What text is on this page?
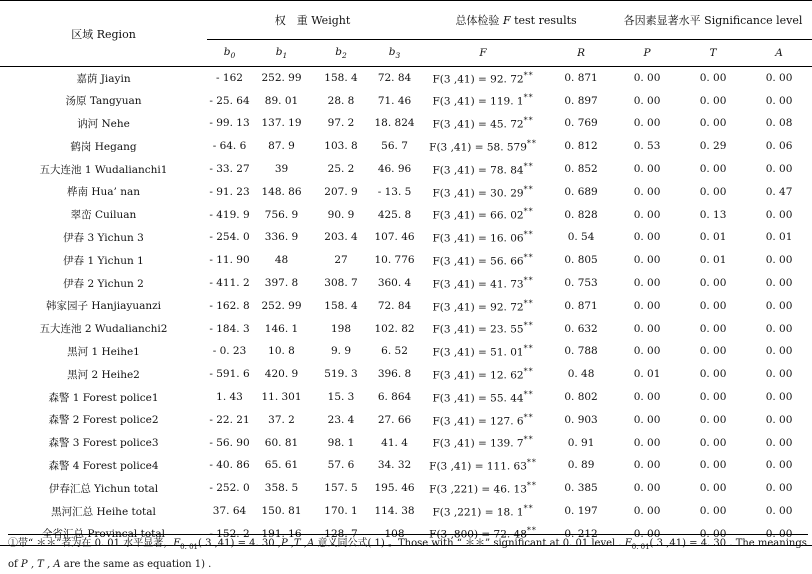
区域 Region	权　重 Weight				总体检验 F test results		各因素显著水平 Significance level		
	$b_0$	$b_1$	$b_2$	$b_3$	F	R	P	T	A
嘉荫 Jiayin	- 162	252. 99	158. 4	72. 84	F(3 ,41) = 92. 72**	0. 871	0. 00	0. 00	0. 00
汤原 Tangyuan	- 25. 64	89. 01	28. 8	71. 46	F(3 ,41) = 119. 1**	0. 897	0. 00	0. 00	0. 00
讷河 Nehe	- 99. 13	137. 19	97. 2	18. 824	F(3 ,41) = 45. 72**	0. 769	0. 00	0. 00	0. 08
鹤岗 Hegang	- 64. 6	87. 9	103. 8	56. 7	F(3 ,41) = 58. 579**	0. 812	0. 53	0. 29	0. 06
五大连池 1 Wudalianchi1	- 33. 27	39	25. 2	46. 96	F(3 ,41) = 78. 84**	0. 852	0. 00	0. 00	0. 00
桦南 Hua’ nan	- 91. 23	148. 86	207. 9	- 13. 5	F(3 ,41) = 30. 29**	0. 689	0. 00	0. 00	0. 47
翠峦 Cuiluan	- 419. 9	756. 9	90. 9	425. 8	F(3 ,41) = 66. 02**	0. 828	0. 00	0. 13	0. 00
伊春 3 Yichun 3	- 254. 0	336. 9	203. 4	107. 46	F(3 ,41) = 16. 06**	0. 54	0. 00	0. 01	0. 01
伊春 1 Yichun 1	- 11. 90	48	27	10. 776	F(3 ,41) = 56. 66**	0. 805	0. 00	0. 01	0. 00
伊春 2 Yichun 2	- 411. 2	397. 8	308. 7	360. 4	F(3 ,41) = 41. 73**	0. 753	0. 00	0. 00	0. 00
韩家园子 Hanjiayuanzi	- 162. 8	252. 99	158. 4	72. 84	F(3 ,41) = 92. 72**	0. 871	0. 00	0. 00	0. 00
五大连池 2 Wudalianchi2	- 184. 3	146. 1	198	102. 82	F(3 ,41) = 23. 55**	0. 632	0. 00	0. 00	0. 00
黑河 1 Heihe1	- 0. 23	10. 8	9. 9	6. 52	F(3 ,41) = 51. 01**	0. 788	0. 00	0. 00	0. 00
黑河 2 Heihe2	- 591. 6	420. 9	519. 3	396. 8	F(3 ,41) = 12. 62**	0. 48	0. 01	0. 00	0. 00
森警 1 Forest police1	1. 43	11. 301	15. 3	6. 864	F(3 ,41) = 55. 44**	0. 802	0. 00	0. 00	0. 00
森警 2 Forest police2	- 22. 21	37. 2	23. 4	27. 66	F(3 ,41) = 127. 6**	0. 903	0. 00	0. 00	0. 00
森警 3 Forest police3	- 56. 90	60. 81	98. 1	41. 4	F(3 ,41) = 139. 7**	0. 91	0. 00	0. 00	0. 00
森警 4 Forest police4	- 40. 86	65. 61	57. 6	34. 32	F(3 ,41) = 111. 63**	0. 89	0. 00	0. 00	0. 00
伊春汇总 Yichun total	- 252. 0	358. 5	157. 5	195. 46	F(3 ,221) = 46. 13**	0. 385	0. 00	0. 00	0. 00
黑河汇总 Heihe total	37. 64	150. 81	170. 1	114. 38	F(3 ,221) = 18. 1**	0. 197	0. 00	0. 00	0. 00
全省汇总 Provincal total	- 152. 2	191. 16	128. 7	108	F(3 ,800) = 72. 48**	0. 212	0. 00	0. 00	0. 00
①带“ ＊＊”者为在 0. 01 水平显著，$F_{0. 01}$( 3 ,41) = 4. 30 ,P ,T ,A 意义同公式( 1) 。Those with “ ＊＊” significant at 0. 01 level . $F_{0. 01}$( 3 ,41) = 4. 30 . The meanings of P , T , A are the same as equation 1) .
